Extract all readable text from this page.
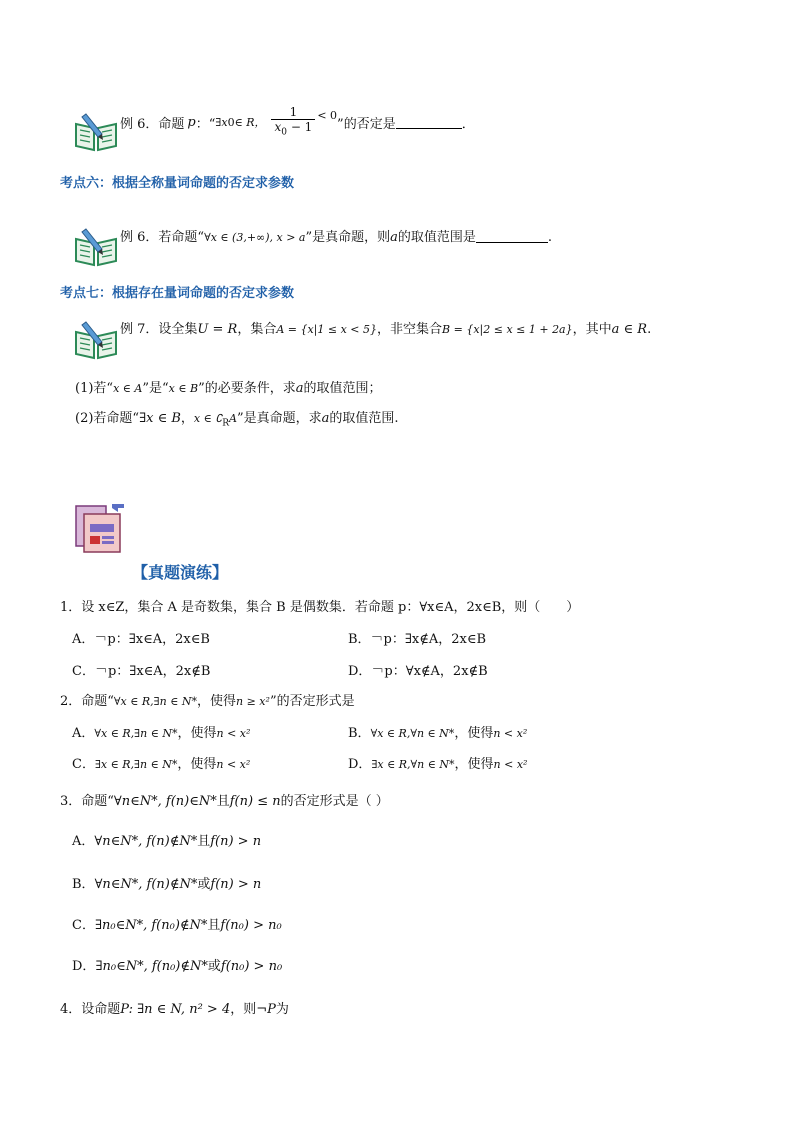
例 6．命题 p ：“ ∃x 0 ∈ R， $\frac{1}{x_0 - 1} < 0$
”的否定是	．
考点六：根据全称量词命题的否定求参数
例 6．若命题“∀x ∈ (3,+∞), x > a”是真命题，则a的取值范围是	.
考点七：根据存在量词命题的否定求参数
例 7．设全集U = R，集合A = {x|1 ≤ x < 5}，非空集合B = {x|2 ≤ x ≤ 1 + 2a}，其中a ∈ R.
(1)若“x ∈ A”是“x ∈ B”的必要条件，求a的取值范围；
(2)若命题“∃x ∈ B，x ∈ $∁_RA$”是真命题，求a的取值范围.
【真题演练】
1．设 x∈Z，集合 A 是奇数集，集合 B 是偶数集．若命题 p：∀x∈A，2x∈B，则（　　）
A．￢p：∃x∈A，2x∈B	B．￢p：∃x∉A，2x∈B
C．￢p：∃x∈A，2x∉B	D．￢p：∀x∉A，2x∉B
2．命题“∀x ∈ R,∃n ∈ N*，使得n ≥ x²”的否定形式是
A．∀x ∈ R,∃n ∈ N*，使得n < x²	B．∀x ∈ R,∀n ∈ N*，使得n < x²
C．∃x ∈ R,∃n ∈ N*，使得n < x²	D．∃x ∈ R,∀n ∈ N*，使得n < x²
3．命题“∀n∈N*, f(n)∈N*且f(n) ≤ n的否定形式是（ ）
A．∀n∈N*, f(n)∉N*且f(n) > n
B．∀n∈N*, f(n)∉N*或f(n) > n
C．∃n₀∈N*, f(n₀)∉N*且f(n₀) > n₀
D．∃n₀∈N*, f(n₀)∉N*或f(n₀) > n₀
4．设命题P: ∃n ∈ N, n² > 4，则¬P为
